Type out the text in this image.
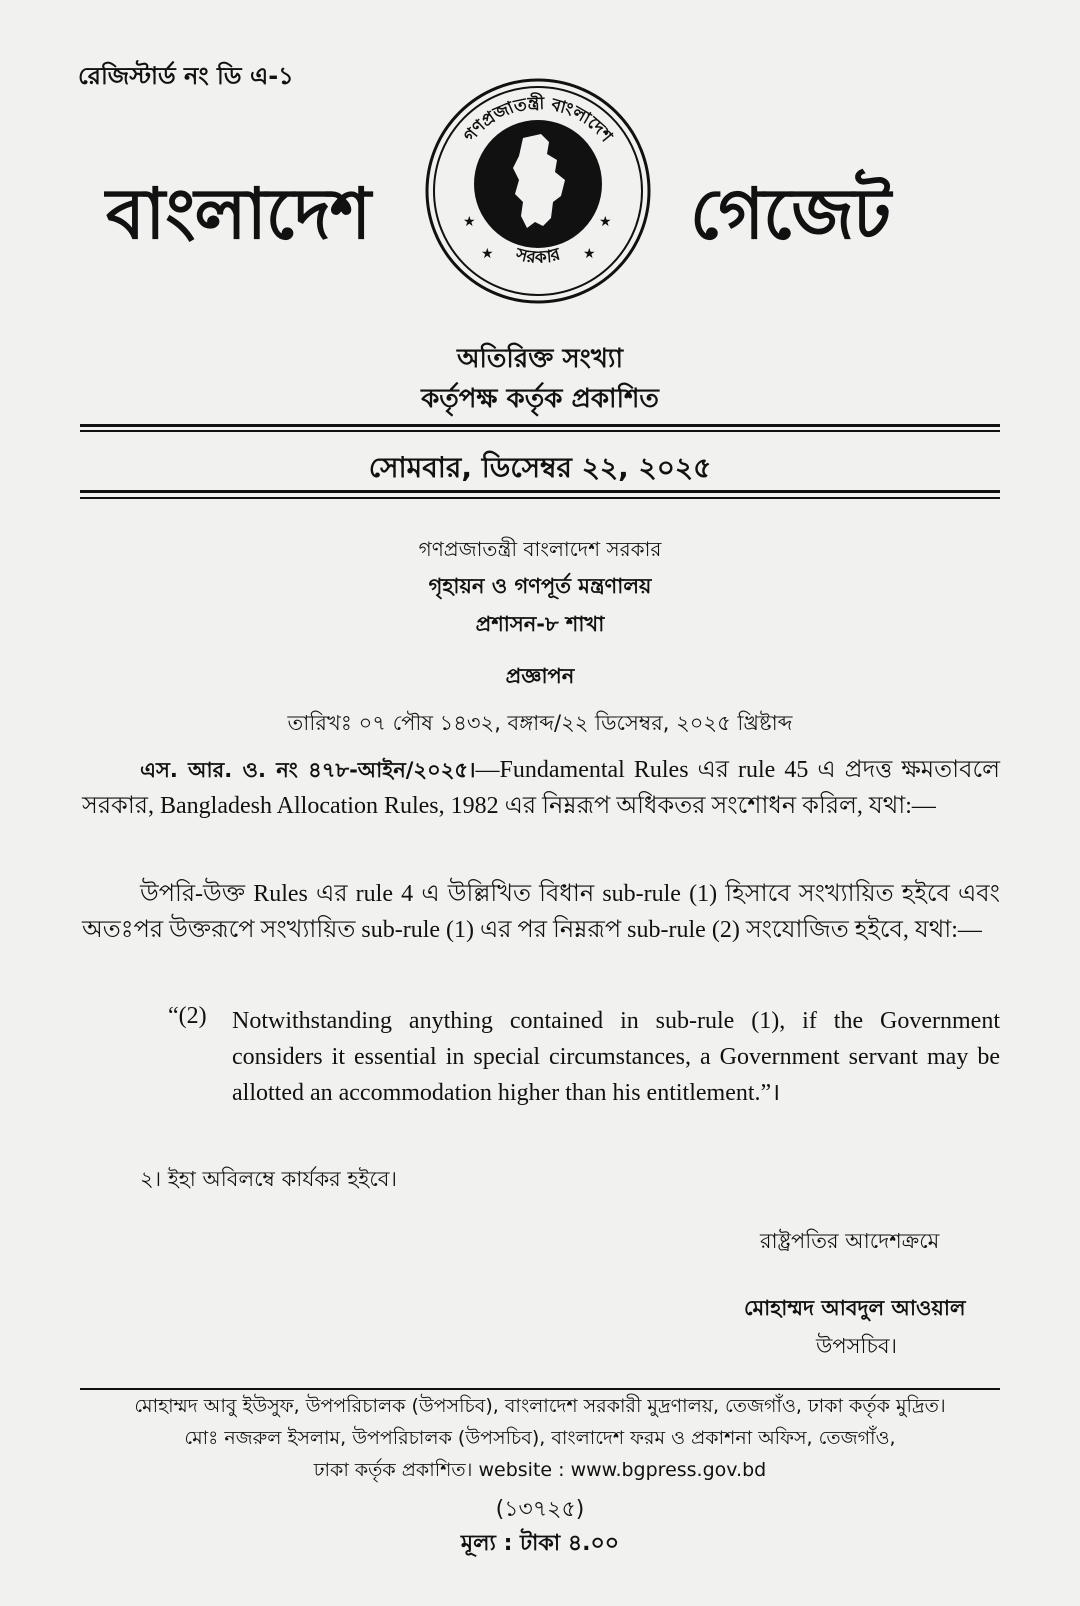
রেজিস্টার্ড নং ডি এ-১
বাংলাদেশ
গণপ্রজাতন্ত্রী বাংলাদেশ
সরকার
★	★
★	★ গেজেট
অতিরিক্ত সংখ্যা
কর্তৃপক্ষ কর্তৃক প্রকাশিত
সোমবার, ডিসেম্বর ২২, ২০২৫
গণপ্রজাতন্ত্রী বাংলাদেশ সরকার
গৃহায়ন ও গণপূর্ত মন্ত্রণালয়
প্রশাসন-৮ শাখা
প্রজ্ঞাপন
তারিখঃ ০৭ পৌষ ১৪৩২, বঙ্গাব্দ/২২ ডিসেম্বর, ২০২৫ খ্রিষ্টাব্দ
এস. আর. ও. নং ৪৭৮-আইন/২০২৫।—Fundamental Rules এর rule 45 এ প্রদত্ত ক্ষমতাবলে সরকার, Bangladesh Allocation Rules, 1982 এর নিম্নরূপ অধিকতর সংশোধন করিল, যথা:—
উপরি-উক্ত Rules এর rule 4 এ উল্লিখিত বিধান sub-rule (1) হিসাবে সংখ্যায়িত হইবে এবং অতঃপর উক্তরূপে সংখ্যায়িত sub-rule (1) এর পর নিম্নরূপ sub-rule (2) সংযোজিত হইবে, যথা:—
“(2) Notwithstanding anything contained in sub-rule (1), if the Government considers it essential in special circumstances, a Government servant may be allotted an accommodation higher than his entitlement.”।
২। ইহা অবিলম্বে কার্যকর হইবে।
রাষ্ট্রপতির আদেশক্রমে
মোহাম্মদ আবদুল আওয়াল
উপসচিব।
মোহাম্মদ আবু ইউসুফ, উপপরিচালক (উপসচিব), বাংলাদেশ সরকারী মুদ্রণালয়, তেজগাঁও, ঢাকা কর্তৃক মুদ্রিত।
মোঃ নজরুল ইসলাম, উপপরিচালক (উপসচিব), বাংলাদেশ ফরম ও প্রকাশনা অফিস, তেজগাঁও,
ঢাকা কর্তৃক প্রকাশিত। website : www.bgpress.gov.bd
(১৩৭২৫)
মূল্য : টাকা ৪.০০
